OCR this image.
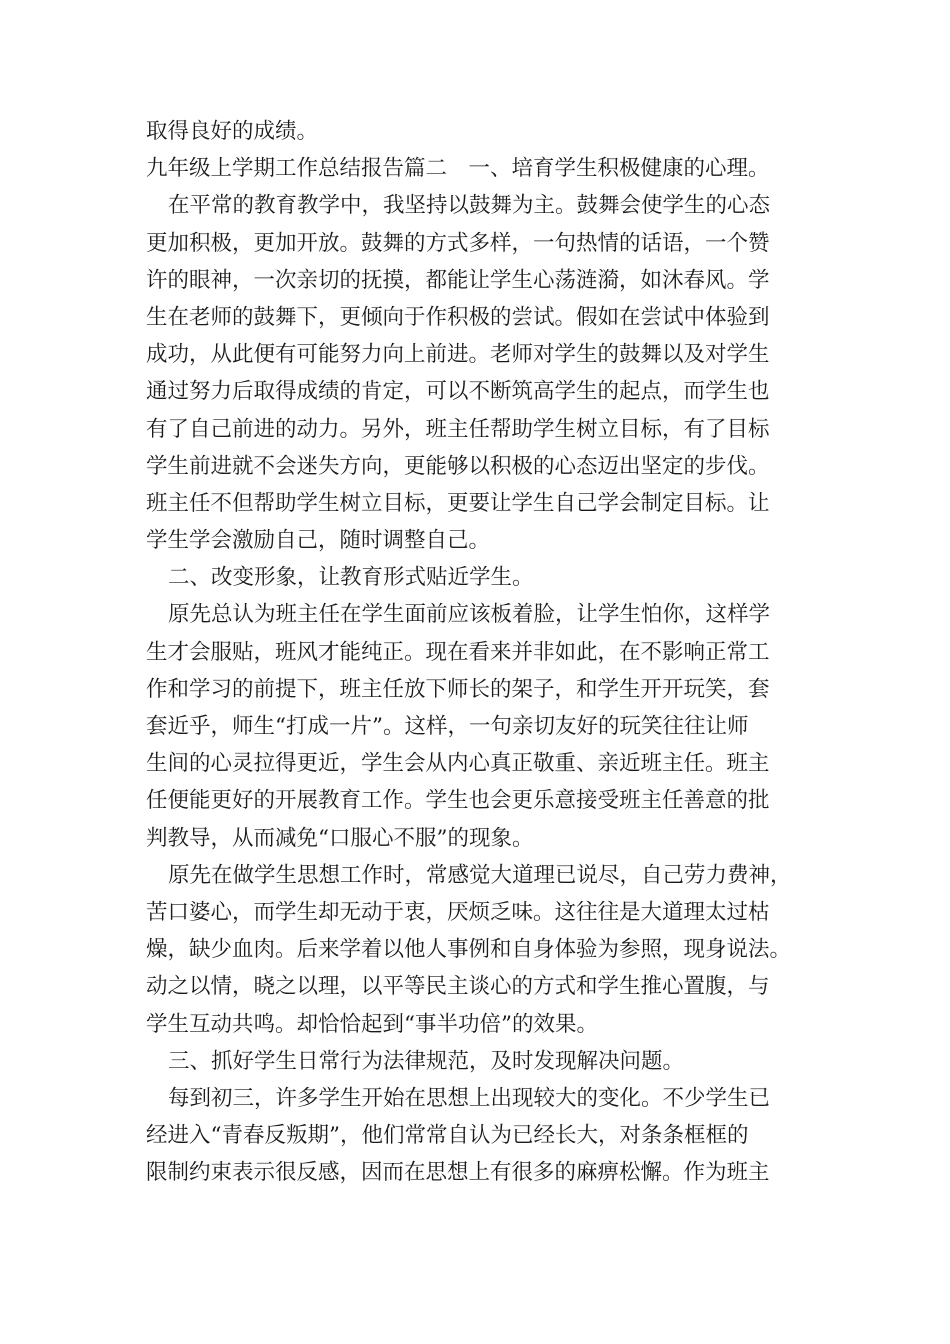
取得良好的成绩。
九年级上学期工作总结报告篇二　一、培育学生积极健康的心理。
在平常的教育教学中，我坚持以鼓舞为主。鼓舞会使学生的心态
更加积极，更加开放。鼓舞的方式多样，一句热情的话语，一个赞
许的眼神，一次亲切的抚摸，都能让学生心荡涟漪，如沐春风。学
生在老师的鼓舞下，更倾向于作积极的尝试。假如在尝试中体验到
成功，从此便有可能努力向上前进。老师对学生的鼓舞以及对学生
通过努力后取得成绩的肯定，可以不断筑高学生的起点，而学生也
有了自己前进的动力。另外，班主任帮助学生树立目标，有了目标
学生前进就不会迷失方向，更能够以积极的心态迈出坚定的步伐。
班主任不但帮助学生树立目标，更要让学生自己学会制定目标。让
学生学会激励自己，随时调整自己。
二、改变形象，让教育形式贴近学生。
原先总认为班主任在学生面前应该板着脸，让学生怕你，这样学
生才会服贴，班风才能纯正。现在看来并非如此，在不影响正常工
作和学习的前提下，班主任放下师长的架子，和学生开开玩笑，套
套近乎，师生“打成一片”。这样，一句亲切友好的玩笑往往让师
生间的心灵拉得更近，学生会从内心真正敬重、亲近班主任。班主
任便能更好的开展教育工作。学生也会更乐意接受班主任善意的批
判教导，从而减免“口服心不服”的现象。
原先在做学生思想工作时，常感觉大道理已说尽，自己劳力费神，
苦口婆心，而学生却无动于衷，厌烦乏味。这往往是大道理太过枯
燥，缺少血肉。后来学着以他人事例和自身体验为参照，现身说法。
动之以情，晓之以理，以平等民主谈心的方式和学生推心置腹，与
学生互动共鸣。却恰恰起到“事半功倍”的效果。
三、抓好学生日常行为法律规范，及时发现解决问题。
每到初三，许多学生开始在思想上出现较大的变化。不少学生已
经进入“青春反叛期”，他们常常自认为已经长大，对条条框框的
限制约束表示很反感，因而在思想上有很多的麻痹松懈。作为班主
